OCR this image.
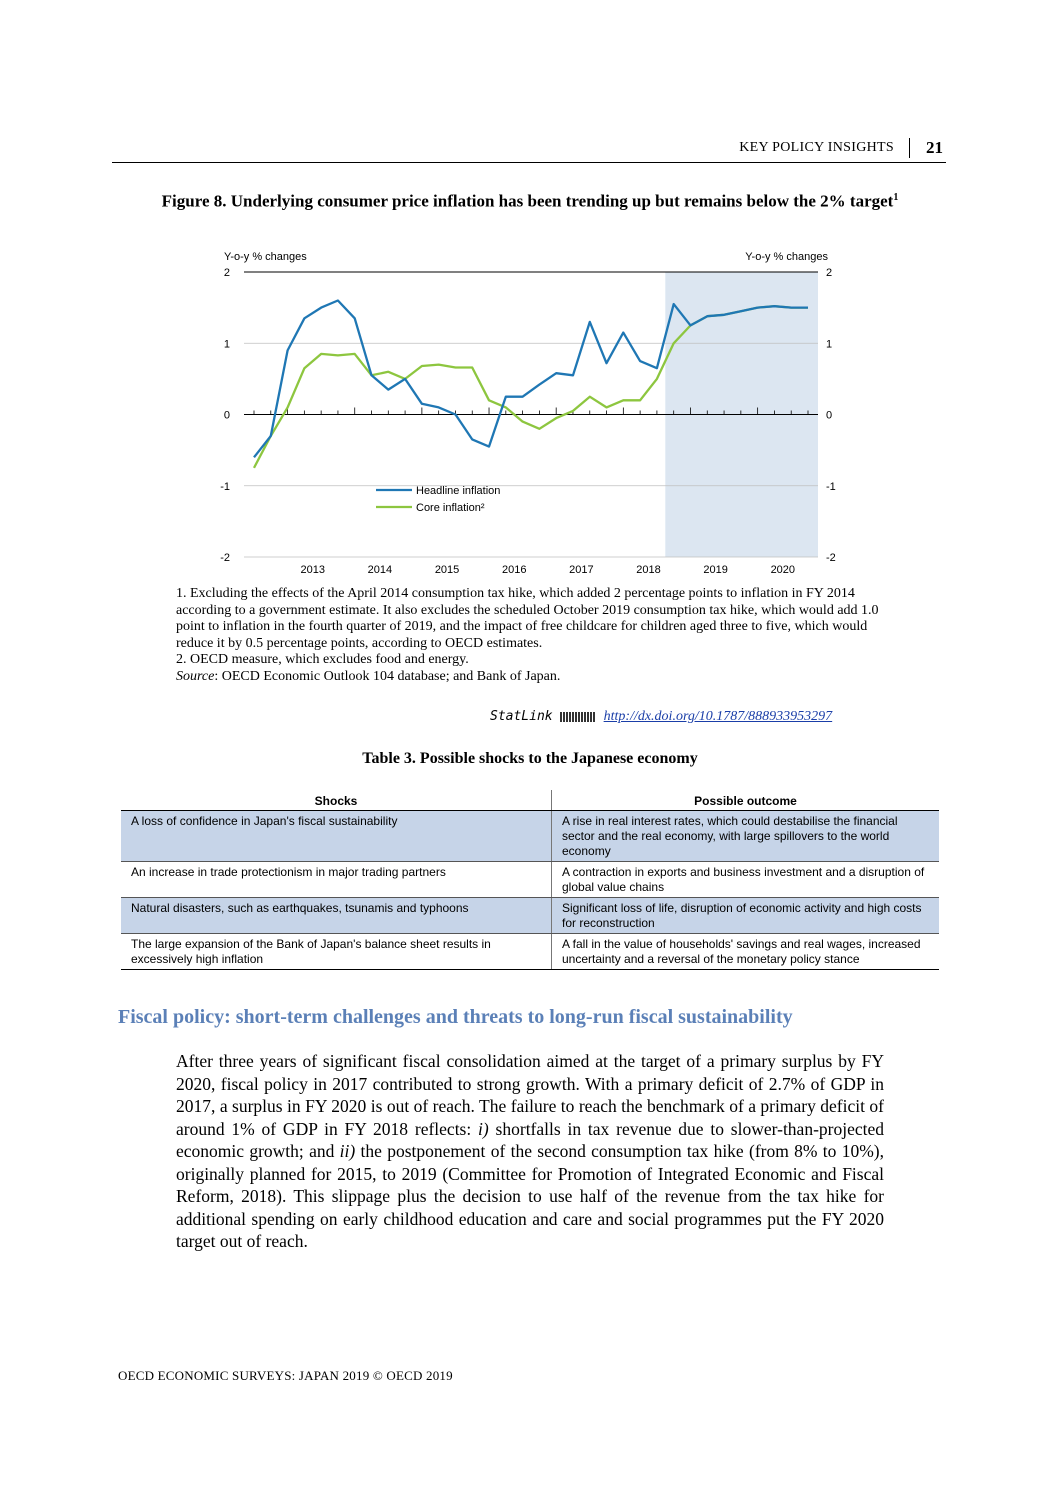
KEY POLICY INSIGHTS 21
Figure 8. Underlying consumer price inflation has been trending up but remains below the 2% target$^1$
2	2
1	1
0	0
-1	-1
-2	-2
Y-o-y % changes	Y-o-y % changes
2013	2014	2015	2016	2017	2018	2019	2020
Headline inflation
Core inflation²

1. Excluding the effects of the April 2014 consumption tax hike, which added 2 percentage points to inflation in FY 2014 according to a government estimate. It also excludes the scheduled October 2019 consumption tax hike, which would add 1.0 point to inflation in the fourth quarter of 2019, and the impact of free childcare for children aged three to five, which would reduce it by 0.5 percentage points, according to OECD estimates.

2. OECD measure, which excludes food and energy.

Source: OECD Economic Outlook 104 database; and Bank of Japan.

StatLink	http://dx.doi.org/10.1787/888933953297
Table 3. Possible shocks to the Japanese economy
Shocks	Possible outcome
A loss of confidence in Japan's fiscal sustainability	A rise in real interest rates, which could destabilise the financial sector and the real economy, with large spillovers to the world economy
An increase in trade protectionism in major trading partners	A contraction in exports and business investment and a disruption of global value chains
Natural disasters, such as earthquakes, tsunamis and typhoons	Significant loss of life, disruption of economic activity and high costs for reconstruction
The large expansion of the Bank of Japan's balance sheet results in excessively high inflation	A fall in the value of households' savings and real wages, increased uncertainty and a reversal of the monetary policy stance
Fiscal policy: short-term challenges and threats to long-run fiscal sustainability

After three years of significant fiscal consolidation aimed at the target of a primary surplus by FY 2020, fiscal policy in 2017 contributed to strong growth. With a primary deficit of 2.7% of GDP in 2017, a surplus in FY 2020 is out of reach. The failure to reach the benchmark of a primary deficit of around 1% of GDP in FY 2018 reflects: i) shortfalls in tax revenue due to slower-than-projected economic growth; and ii) the postponement of the second consumption tax hike (from 8% to 10%), originally planned for 2015, to 2019 (Committee for Promotion of Integrated Economic and Fiscal Reform, 2018). This slippage plus the decision to use half of the revenue from the tax hike for additional spending on early childhood education and care and social programmes put the FY 2020 target out of reach.

OECD ECONOMIC SURVEYS: JAPAN 2019 © OECD 2019
